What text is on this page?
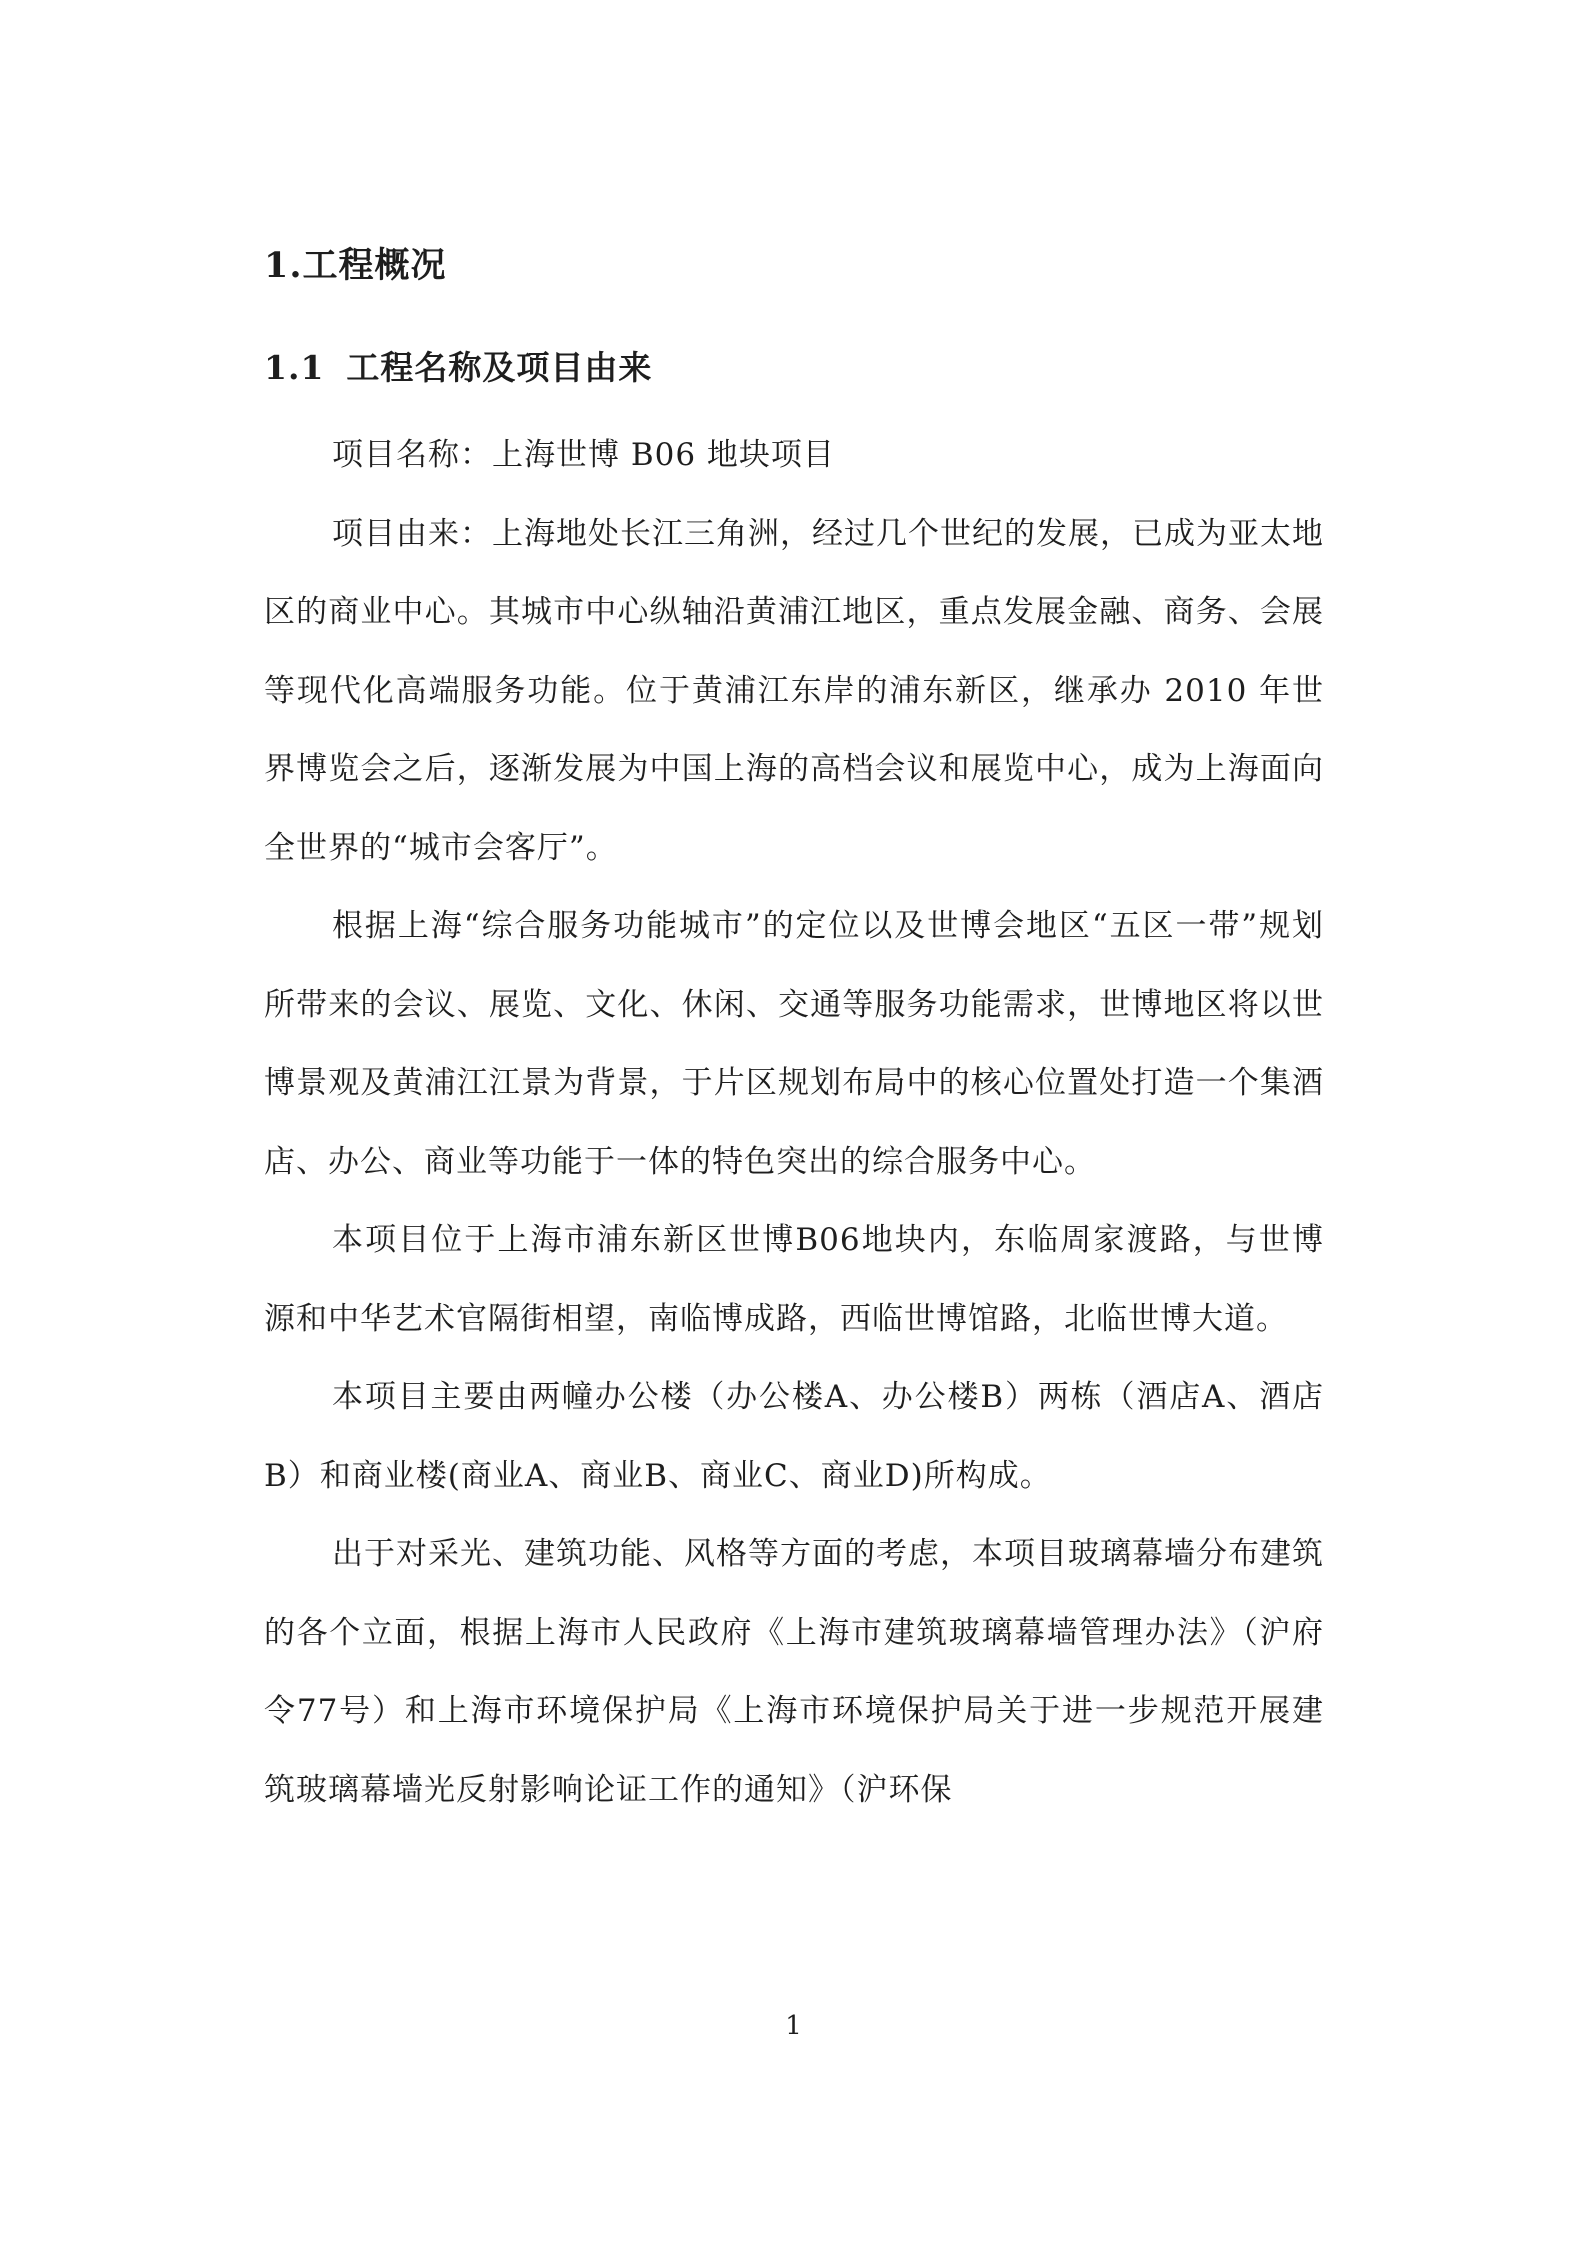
1.工程概况
1.1 工程名称及项目由来

项目名称：上海世博 B06 地块项目

项目由来：上海地处长江三角洲，经过几个世纪的发展，已成为亚太地区的商业中心。其城市中心纵轴沿黄浦江地区，重点发展金融、商务、会展等现代化高端服务功能。位于黄浦江东岸的浦东新区，继承办 2010 年世界博览会之后，逐渐发展为中国上海的高档会议和展览中心，成为上海面向全世界的“城市会客厅”。

根据上海“综合服务功能城市”的定位以及世博会地区“五区一带”规划所带来的会议、展览、文化、休闲、交通等服务功能需求，世博地区将以世博景观及黄浦江江景为背景，于片区规划布局中的核心位置处打造一个集酒店、办公、商业等功能于一体的特色突出的综合服务中心。

本项目位于上海市浦东新区世博B06地块内，东临周家渡路，与世博源和中华艺术官隔街相望，南临博成路，西临世博馆路，北临世博大道。

本项目主要由两幢办公楼（办公楼A、办公楼B）两栋（酒店A、酒店B）和商业楼(商业A、商业B、商业C、商业D)所构成。

出于对采光、建筑功能、风格等方面的考虑，本项目玻璃幕墙分布建筑的各个立面，根据上海市人民政府《上海市建筑玻璃幕墙管理办法》（沪府令77号）和上海市环境保护局《上海市环境保护局关于进一步规范开展建筑玻璃幕墙光反射影响论证工作的通知》（沪环保

1
